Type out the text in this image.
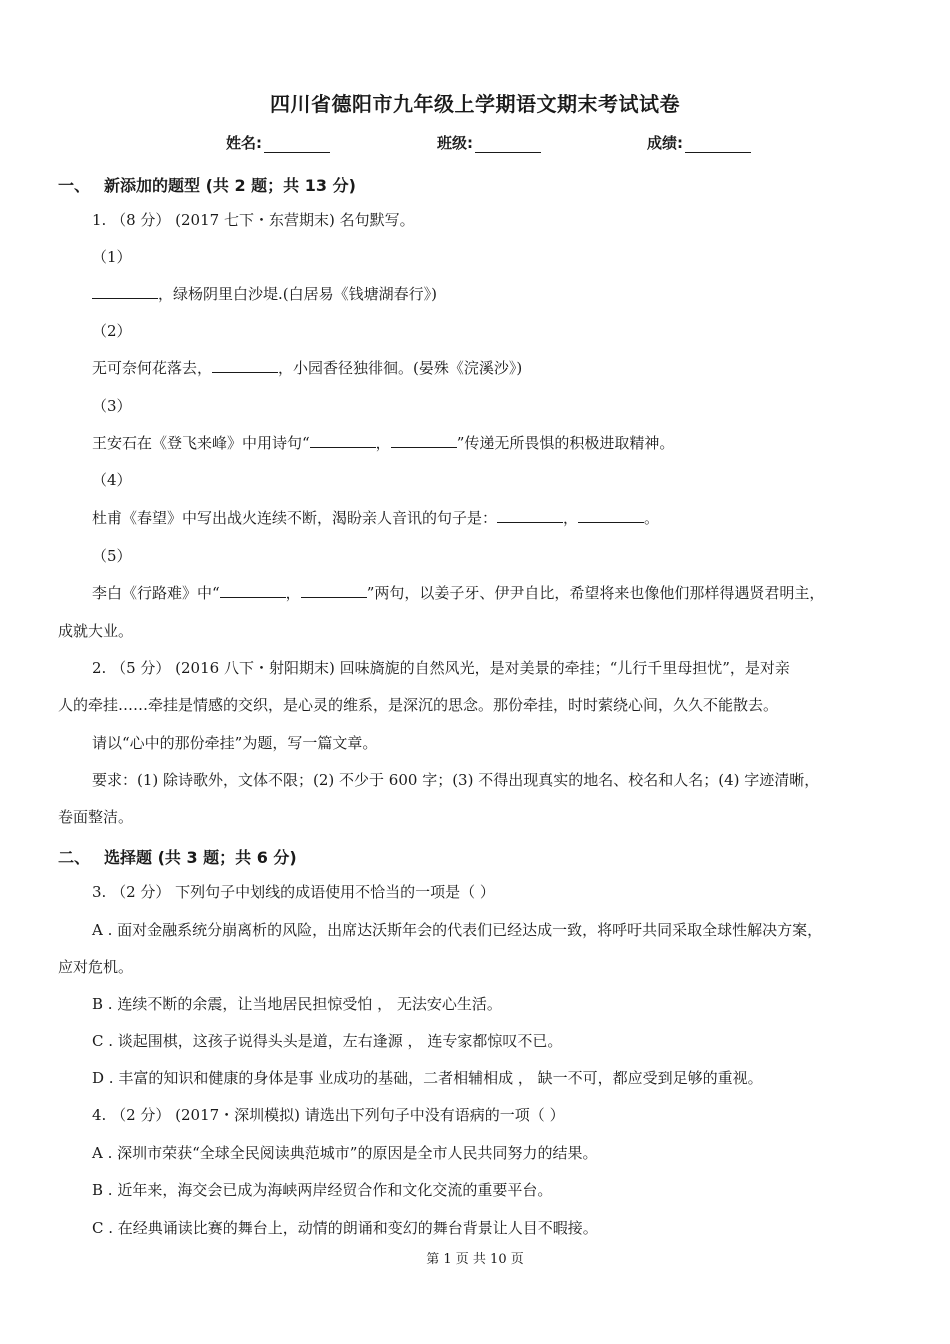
四川省德阳市九年级上学期语文期末考试试卷
姓名:	班级:	成绩:
一、 新添加的题型 (共 2 题；共 13 分)
1. （8 分） (2017 七下・东营期末) 名句默写。
（1）
，绿杨阴里白沙堤.(白居易《钱塘湖春行》)
（2）
无可奈何花落去，	，小园香径独徘徊。(晏殊《浣溪沙》)
（3）
王安石在《登飞来峰》中用诗句“	，	”传递无所畏惧的积极进取精神。
（4）
杜甫《春望》中写出战火连续不断，渴盼亲人音讯的句子是：	，	。
（5）
李白《行路难》中“	，	”两句，以姜子牙、伊尹自比，希望将来也像他们那样得遇贤君明主，
成就大业。
2. （5 分） (2016 八下・射阳期末) 回味旖旎的自然风光，是对美景的牵挂；“儿行千里母担忧”，是对亲
人的牵挂……牵挂是情感的交织，是心灵的维系，是深沉的思念。那份牵挂，时时萦绕心间，久久不能散去。
请以“心中的那份牵挂”为题，写一篇文章。
要求：(1) 除诗歌外，文体不限；(2) 不少于 600 字；(3) 不得出现真实的地名、校名和人名；(4) 字迹清晰，
卷面整洁。
二、 选择题 (共 3 题；共 6 分)
3. （2 分） 下列句子中划线的成语使用不恰当的一项是（ ）
A . 面对金融系统分崩离析的风险，出席达沃斯年会的代表们已经达成一致，将呼吁共同采取全球性解决方案，
应对危机。
B . 连续不断的余震，让当地居民担惊受怕 ， 无法安心生活。
C . 谈起围棋，这孩子说得头头是道，左右逢源 ， 连专家都惊叹不已。
D . 丰富的知识和健康的身体是事 业成功的基础，二者相辅相成 ， 缺一不可，都应受到足够的重视。
4. （2 分） (2017・深圳模拟) 请选出下列句子中没有语病的一项（ ）
A . 深圳市荣获“全球全民阅读典范城市”的原因是全市人民共同努力的结果。
B . 近年来，海交会已成为海峡两岸经贸合作和文化交流的重要平台。
C . 在经典诵读比赛的舞台上，动情的朗诵和变幻的舞台背景让人目不暇接。
第 1 页 共 10 页
